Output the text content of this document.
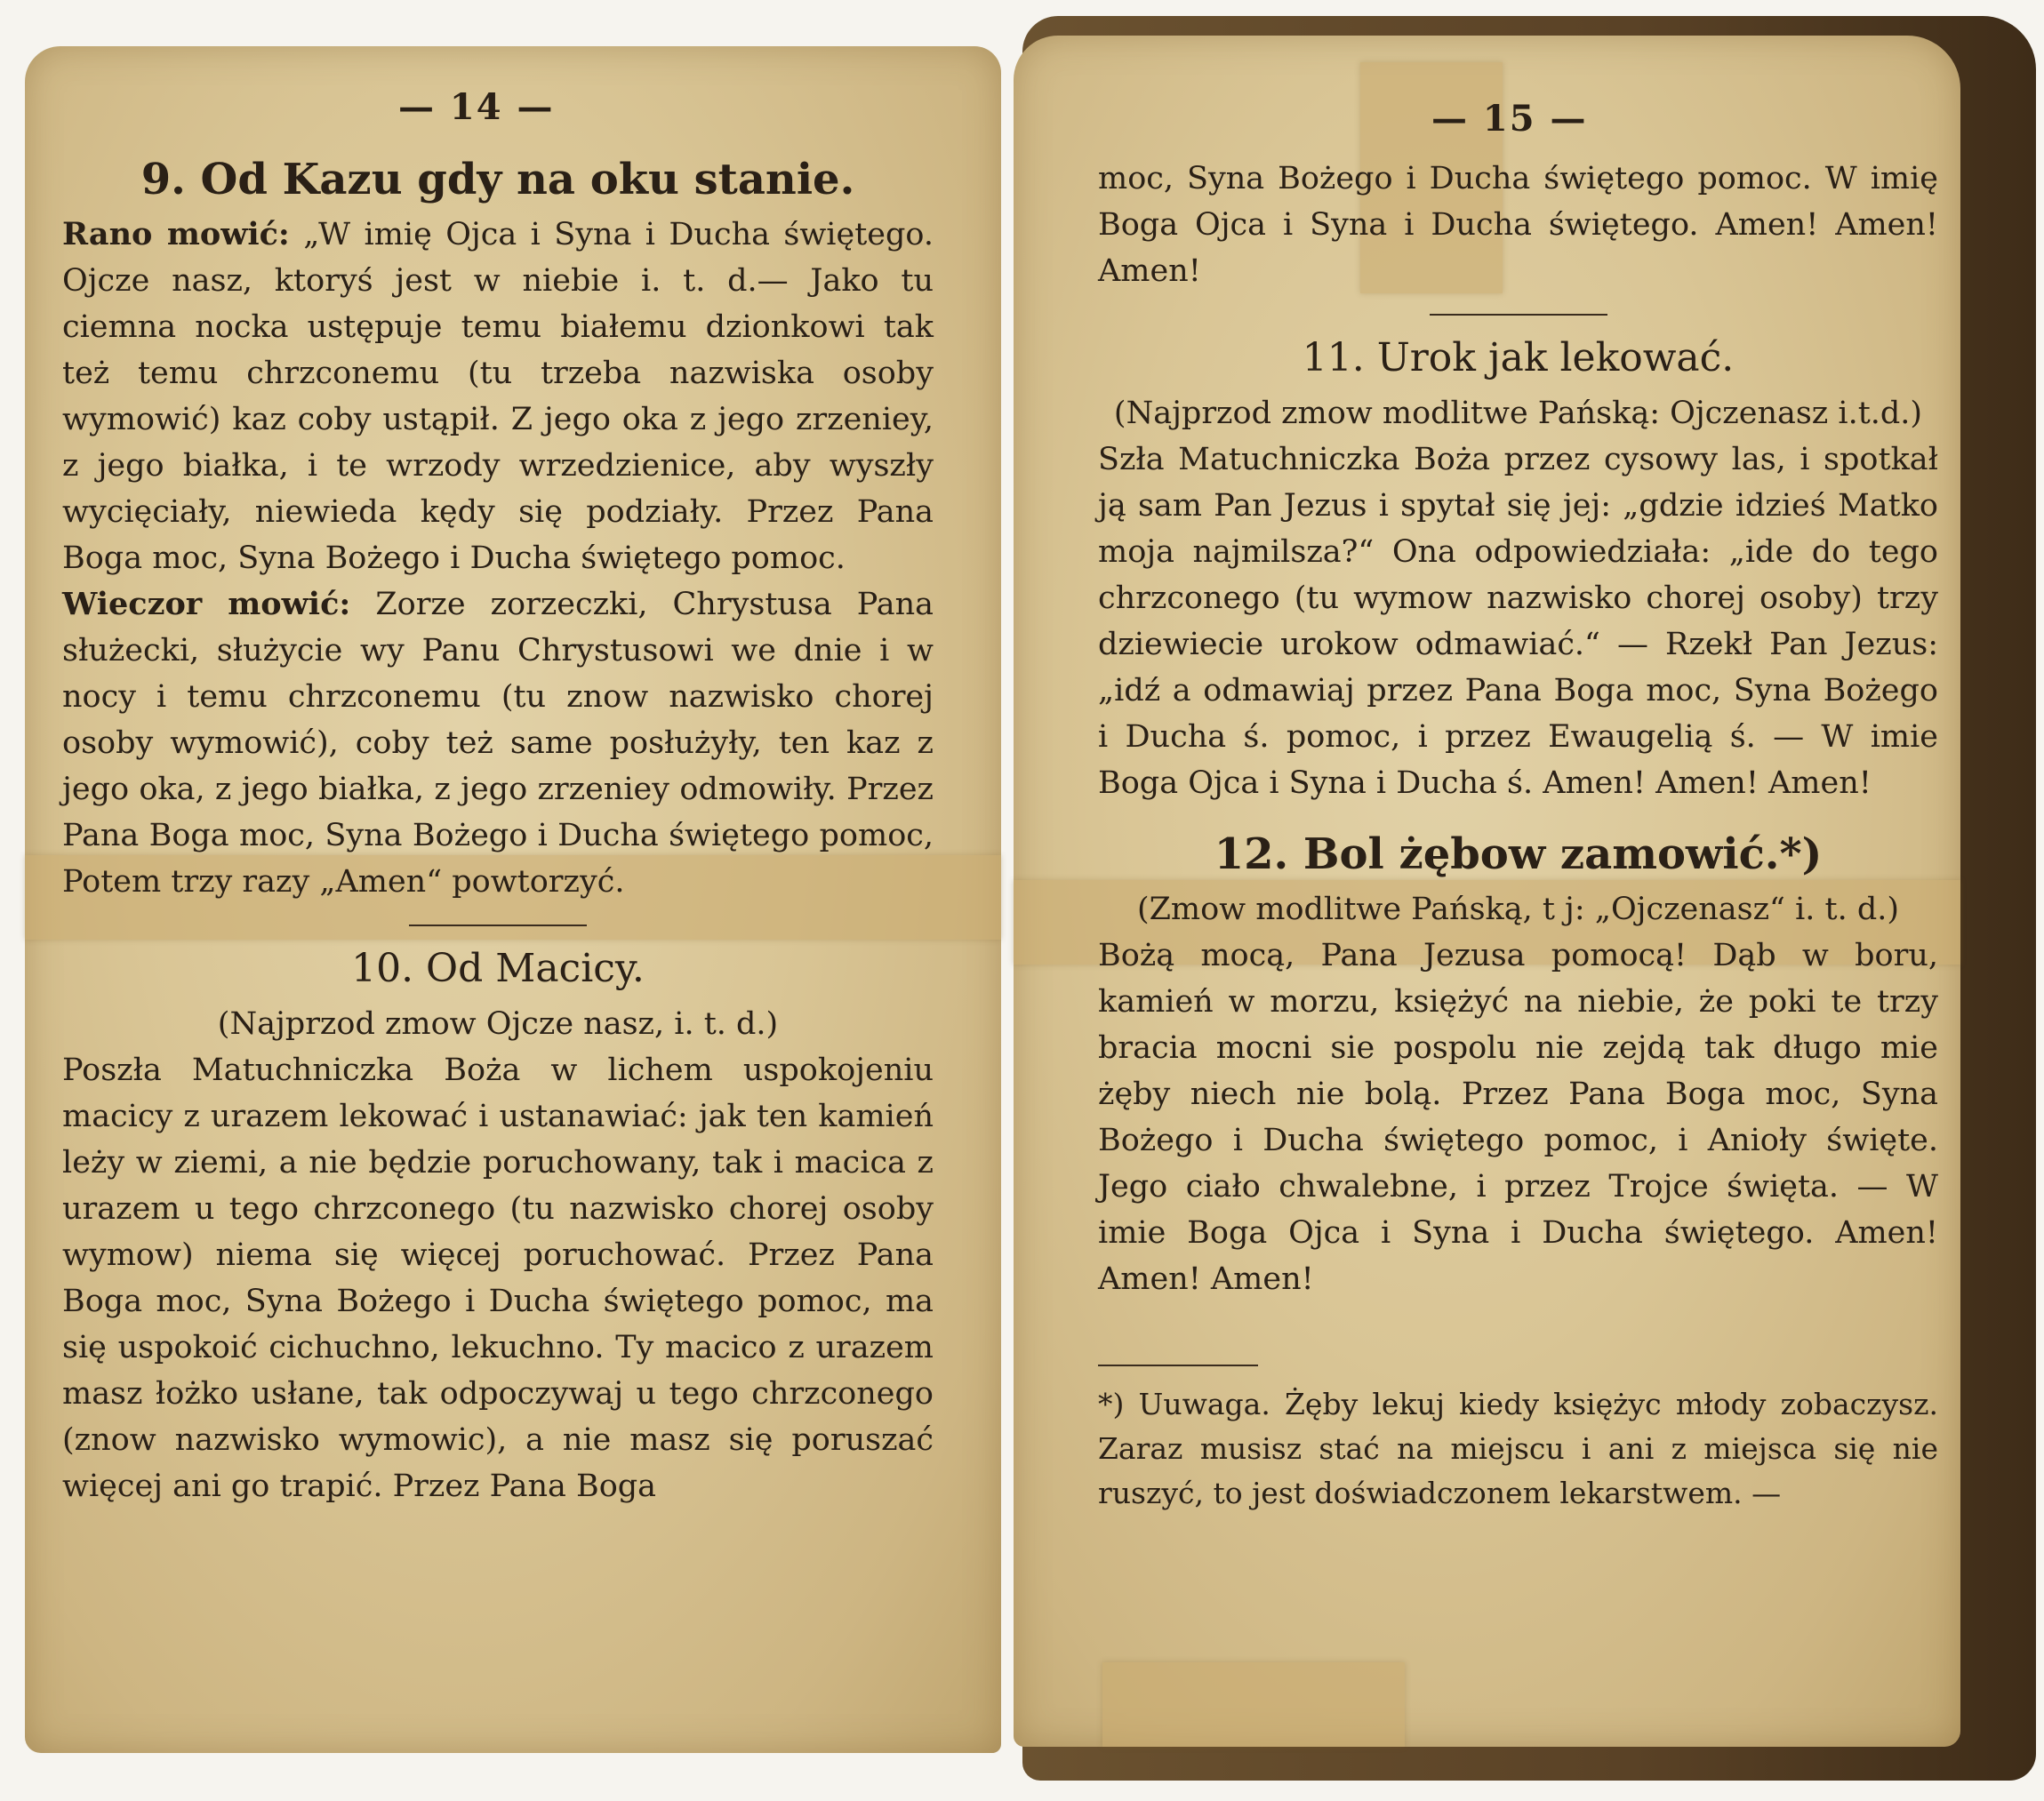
— 14 —

9. Od Kazu gdy na oku stanie.

Rano mowić: „W imię Ojca i Syna i Ducha świętego. Ojcze nasz, ktoryś jest w niebie i. t. d.— Jako tu ciemna nocka ustępuje temu białemu dzionkowi tak też temu chrzconemu (tu trzeba nazwiska osoby wymowić) kaz coby ustąpił. Z jego oka z jego zrzeniey, z jego białka, i te wrzody wrzedzienice, aby wyszły wycięciały, niewieda kędy się podziały. Przez Pana Boga moc, Syna Bożego i Ducha świętego pomoc.

Wieczor mowić: Zorze zorzeczki, Chrystusa Pana służecki, służycie wy Panu Chrystusowi we dnie i w nocy i temu chrzconemu (tu znow nazwisko chorej osoby wymowić), coby też same posłużyły, ten kaz z jego oka, z jego białka, z jego zrzeniey odmowiły. Przez Pana Boga moc, Syna Bożego i Ducha świętego pomoc, Potem trzy razy „Amen“ powtorzyć.

10. Od Macicy.

(Najprzod zmow Ojcze nasz, i. t. d.)

Poszła Matuchniczka Boża w lichem uspokojeniu macicy z urazem lekować i ustanawiać: jak ten kamień leży w ziemi, a nie będzie poruchowany, tak i macica z urazem u tego chrzconego (tu nazwisko chorej osoby wymow) niema się więcej poruchować. Przez Pana Boga moc, Syna Bożego i Ducha świętego pomoc, ma się uspokoić cichuchno, lekuchno. Ty macico z urazem masz łożko usłane, tak odpoczywaj u tego chrzconego (znow nazwisko wymowic), a nie masz się poruszać więcej ani go trapić. Przez Pana Boga

— 15 —

moc, Syna Bożego i Ducha świętego pomoc. W imię Boga Ojca i Syna i Ducha świętego. Amen! Amen! Amen!

11. Urok jak lekować.

(Najprzod zmow modlitwe Pańską: Ojczenasz i.t.d.)

Szła Matuchniczka Boża przez cysowy las, i spotkał ją sam Pan Jezus i spytał się jej: „gdzie idzieś Matko moja najmilsza?“ Ona odpowiedziała: „ide do tego chrzconego (tu wymow nazwisko chorej osoby) trzy dziewiecie urokow odmawiać.“ — Rzekł Pan Jezus: „idź a odmawiaj przez Pana Boga moc, Syna Bożego i Ducha ś. pomoc, i przez Ewaugelią ś. — W imie Boga Ojca i Syna i Ducha ś. Amen! Amen! Amen!

12. Bol żębow zamowić.*)

(Zmow modlitwe Pańską, t j: „Ojczenasz“ i. t. d.)

Bożą mocą, Pana Jezusa pomocą! Dąb w boru, kamień w morzu, księżyć na niebie, że poki te trzy bracia mocni sie pospolu nie zejdą tak długo mie żęby niech nie bolą. Przez Pana Boga moc, Syna Bożego i Ducha świętego pomoc, i Anioły święte. Jego ciało chwalebne, i przez Trojce święta. — W imie Boga Ojca i Syna i Ducha świętego. Amen! Amen! Amen!

*) Uuwaga. Żęby lekuj kiedy księżyc młody zobaczysz. Zaraz musisz stać na miejscu i ani z miejsca się nie ruszyć, to jest doświadczonem lekarstwem. —
